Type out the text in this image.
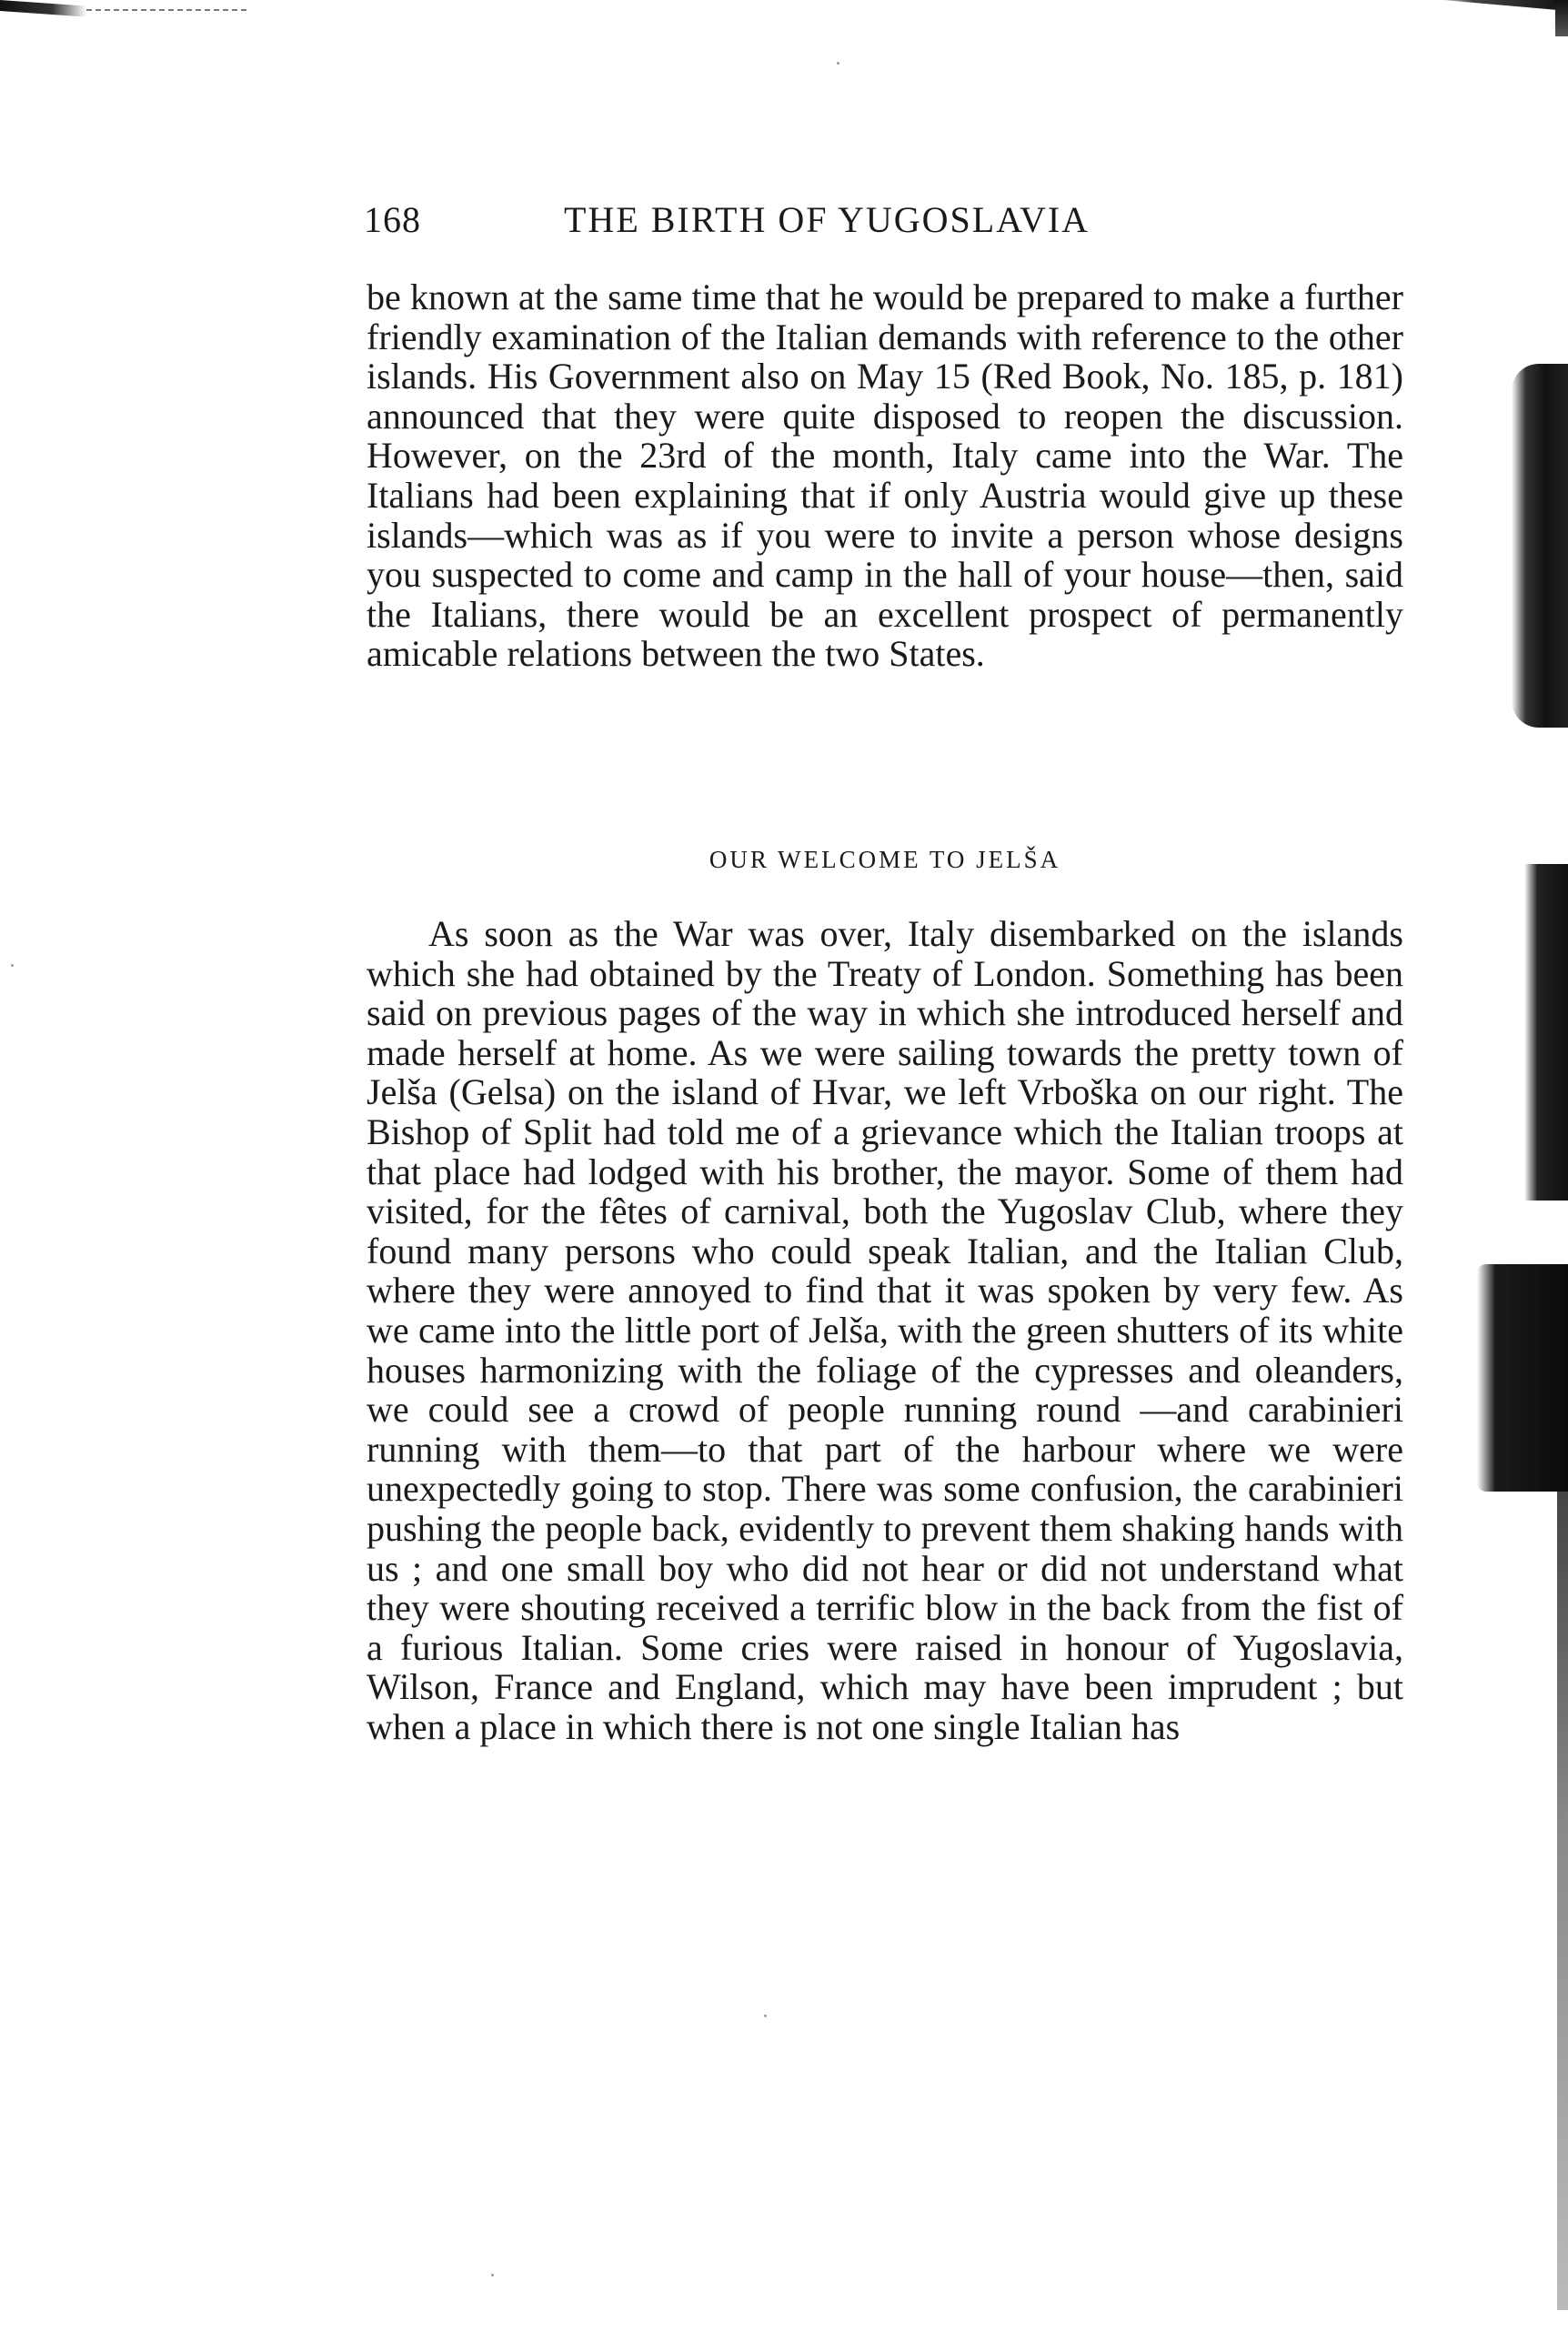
168	THE BIRTH OF YUGOSLAVIA

be known at the same time that he would be prepared to make a further friendly examination of the Italian demands with reference to the other islands. His Government also on May 15 (Red Book, No. 185, p. 181) announced that they were quite disposed to reopen the discussion. However, on the 23rd of the month, Italy came into the War. The Italians had been explaining that if only Austria would give up these islands—which was as if you were to invite a person whose designs you suspected to come and camp in the hall of your house—then, said the Italians, there would be an excellent prospect of permanently amicable relations between the two States.

OUR WELCOME TO JELŠA

As soon as the War was over, Italy disembarked on the islands which she had obtained by the Treaty of London. Something has been said on previous pages of the way in which she introduced herself and made herself at home. As we were sailing towards the pretty town of Jelša (Gelsa) on the island of Hvar, we left Vrboška on our right. The Bishop of Split had told me of a grievance which the Italian troops at that place had lodged with his brother, the mayor. Some of them had visited, for the fêtes of carnival, both the Yugoslav Club, where they found many persons who could speak Italian, and the Italian Club, where they were annoyed to find that it was spoken by very few. As we came into the little port of Jelša, with the green shutters of its white houses harmonizing with the foliage of the cypresses and oleanders, we could see a crowd of people running round —and carabinieri running with them—to that part of the harbour where we were unexpectedly going to stop. There was some confusion, the carabinieri pushing the people back, evidently to prevent them shaking hands with us ; and one small boy who did not hear or did not understand what they were shouting received a terrific blow in the back from the fist of a furious Italian. Some cries were raised in honour of Yugoslavia, Wilson, France and England, which may have been imprudent ; but when a place in which there is not one single Italian has
